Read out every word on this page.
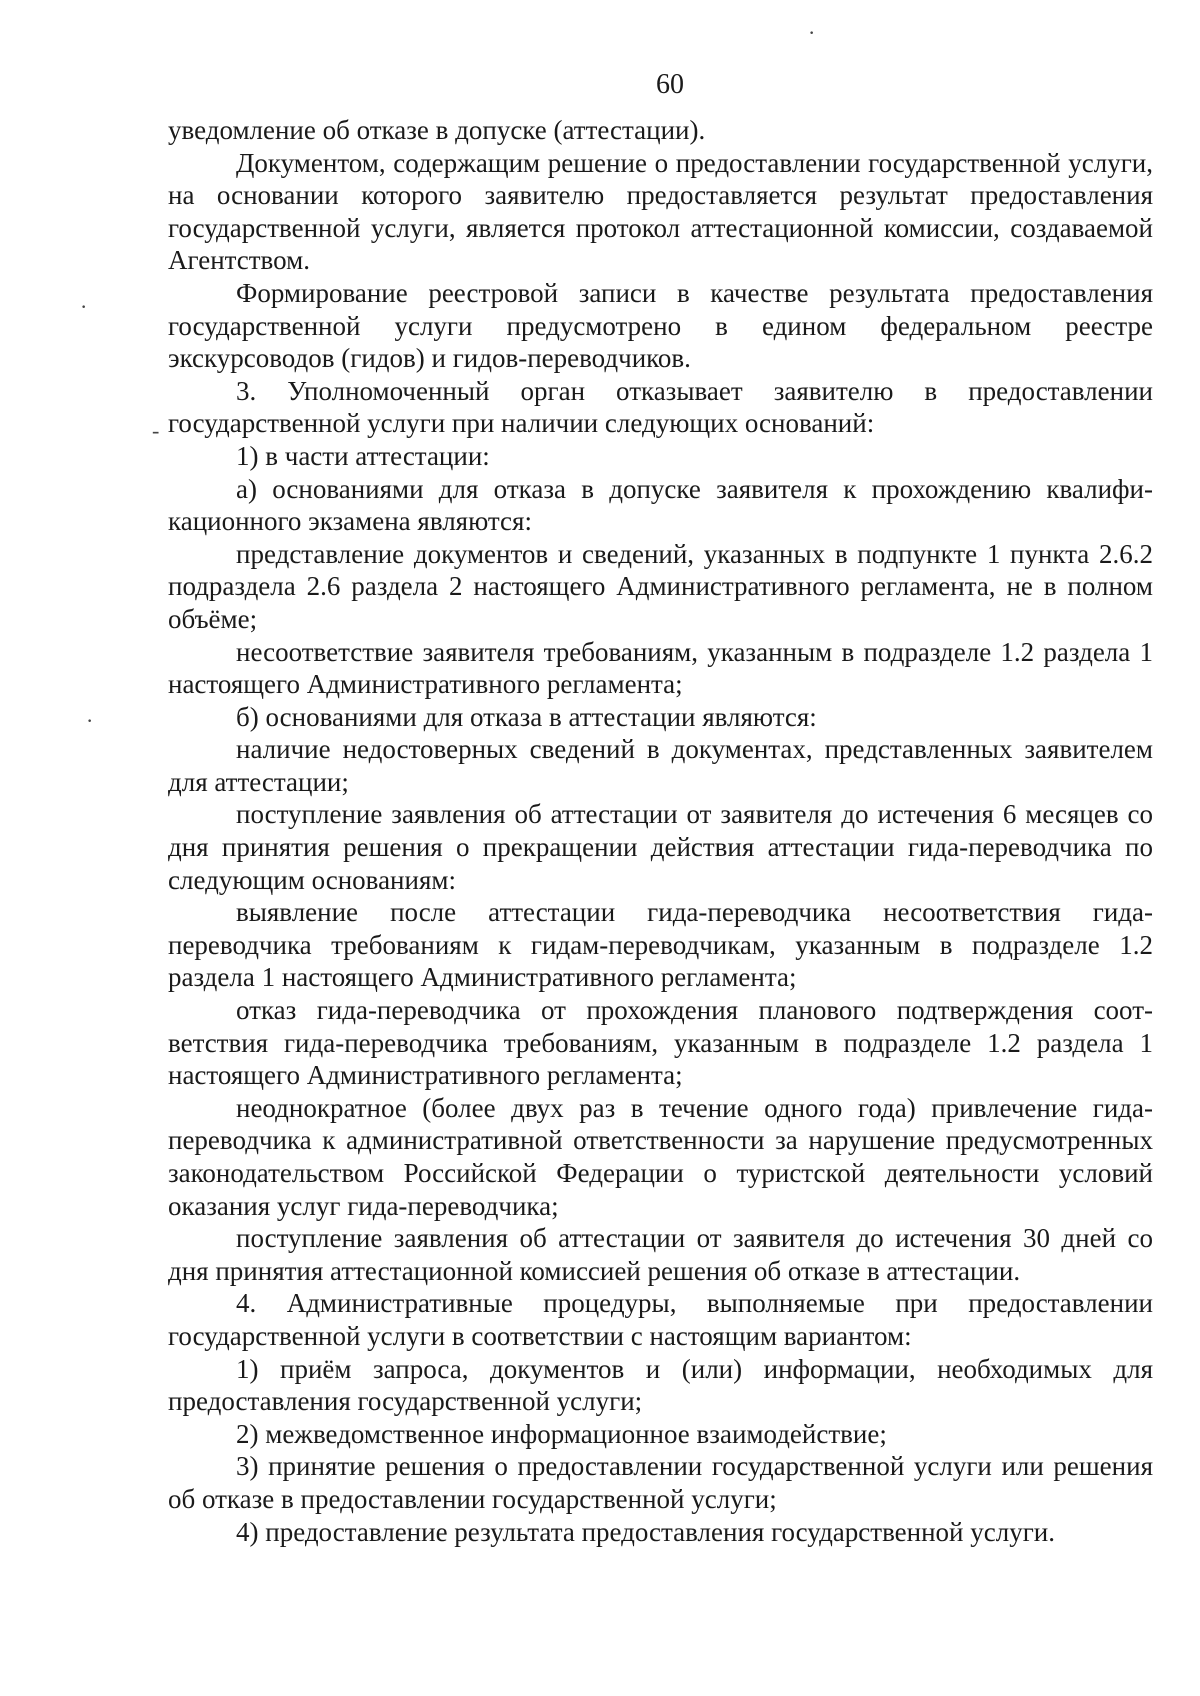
60

уведомление об отказе в допуске (аттестации).

Документом, содержащим решение о предоставлении государственной услуги, на основании которого заявителю предоставляется результат предоставления государственной услуги, является протокол аттестационной комиссии, создаваемой Агентством.

Формирование реестровой записи в качестве результата предоставления государственной услуги предусмотрено в едином федеральном реестре экскурсоводов (гидов) и гидов-переводчиков.

3. Уполномоченный орган отказывает заявителю в предоставлении государственной услуги при наличии следующих оснований:

1) в части аттестации:

а) основаниями для отказа в допуске заявителя к прохождению квалификационного экзамена являются:

представление документов и сведений, указанных в подпункте 1 пункта 2.6.2 подраздела 2.6 раздела 2 настоящего Административного регламента, не в полном объёме;

несоответствие заявителя требованиям, указанным в подразделе 1.2 раздела 1 настоящего Административного регламента;

б) основаниями для отказа в аттестации являются:

наличие недостоверных сведений в документах, представленных заявителем для аттестации;

поступление заявления об аттестации от заявителя до истечения 6 месяцев со дня принятия решения о прекращении действия аттестации гида-переводчика по следующим основаниям:

выявление после аттестации гида-переводчика несоответствия гида-переводчика требованиям к гидам-переводчикам, указанным в подразделе 1.2 раздела 1 настоящего Административного регламента;

отказ гида-переводчика от прохождения планового подтверждения соответствия гида-переводчика требованиям, указанным в подразделе 1.2 раздела 1 настоящего Административного регламента;

неоднократное (более двух раз в течение одного года) привлечение гида-переводчика к административной ответственности за нарушение предусмотренных законодательством Российской Федерации о туристской деятельности условий оказания услуг гида-переводчика;

поступление заявления об аттестации от заявителя до истечения 30 дней со дня принятия аттестационной комиссией решения об отказе в аттестации.

4. Административные процедуры, выполняемые при предоставлении государственной услуги в соответствии с настоящим вариантом:

1) приём запроса, документов и (или) информации, необходимых для предоставления государственной услуги;

2) межведомственное информационное взаимодействие;

3) принятие решения о предоставлении государственной услуги или решения об отказе в предоставлении государственной услуги;

4) предоставление результата предоставления государственной услуги.

·
·
-
·
